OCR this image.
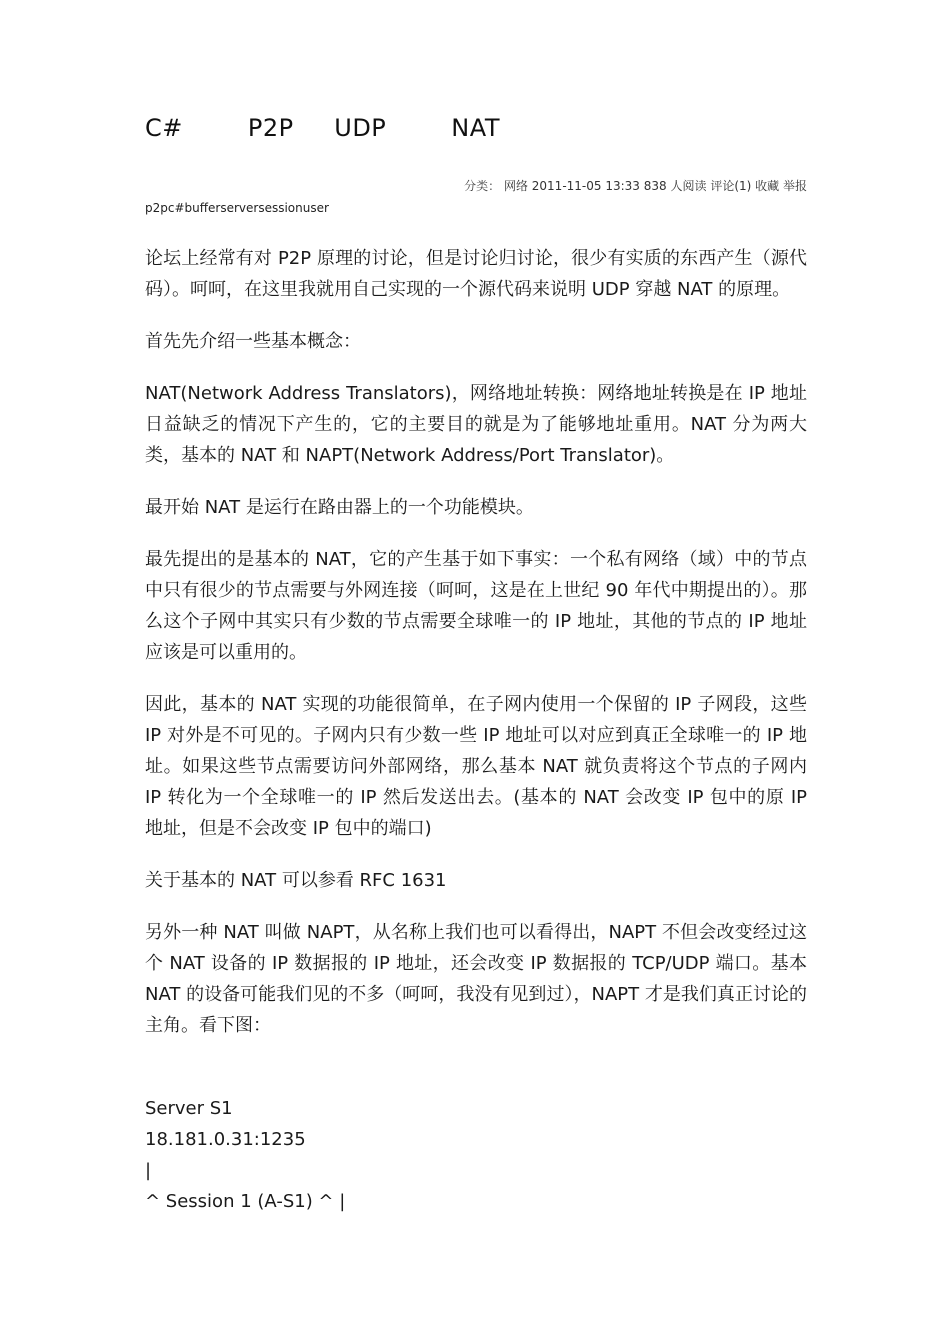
C#        P2P     UDP        NAT
分类： 网络 2011-11-05 13:33 838 人阅读 评论(1) 收藏 举报
p2pc#bufferserversessionuser

论坛上经常有对 P2P 原理的讨论，但是讨论归讨论，很少有实质的东西产生（源代码）。呵呵，在这里我就用自己实现的一个源代码来说明 UDP 穿越 NAT 的原理。

首先先介绍一些基本概念：

NAT(Network Address Translators)，网络地址转换：网络地址转换是在 IP 地址日益缺乏的情况下产生的，它的主要目的就是为了能够地址重用。NAT 分为两大类，基本的 NAT 和 NAPT(Network Address/Port Translator)。

最开始 NAT 是运行在路由器上的一个功能模块。

最先提出的是基本的 NAT，它的产生基于如下事实：一个私有网络（域）中的节点中只有很少的节点需要与外网连接（呵呵，这是在上世纪 90 年代中期提出的）。那么这个子网中其实只有少数的节点需要全球唯一的 IP 地址，其他的节点的 IP 地址应该是可以重用的。

因此，基本的 NAT 实现的功能很简单，在子网内使用一个保留的 IP 子网段，这些 IP 对外是不可见的。子网内只有少数一些 IP 地址可以对应到真正全球唯一的 IP 地址。如果这些节点需要访问外部网络，那么基本 NAT 就负责将这个节点的子网内 IP 转化为一个全球唯一的 IP 然后发送出去。(基本的 NAT 会改变 IP 包中的原 IP 地址，但是不会改变 IP 包中的端口)

关于基本的 NAT 可以参看 RFC 1631

另外一种 NAT 叫做 NAPT，从名称上我们也可以看得出，NAPT 不但会改变经过这个 NAT 设备的 IP 数据报的 IP 地址，还会改变 IP 数据报的 TCP/UDP 端口。基本 NAT 的设备可能我们见的不多（呵呵，我没有见到过），NAPT 才是我们真正讨论的主角。看下图：

Server S1
18.181.0.31:1235
|
^ Session 1 (A-S1) ^ |
